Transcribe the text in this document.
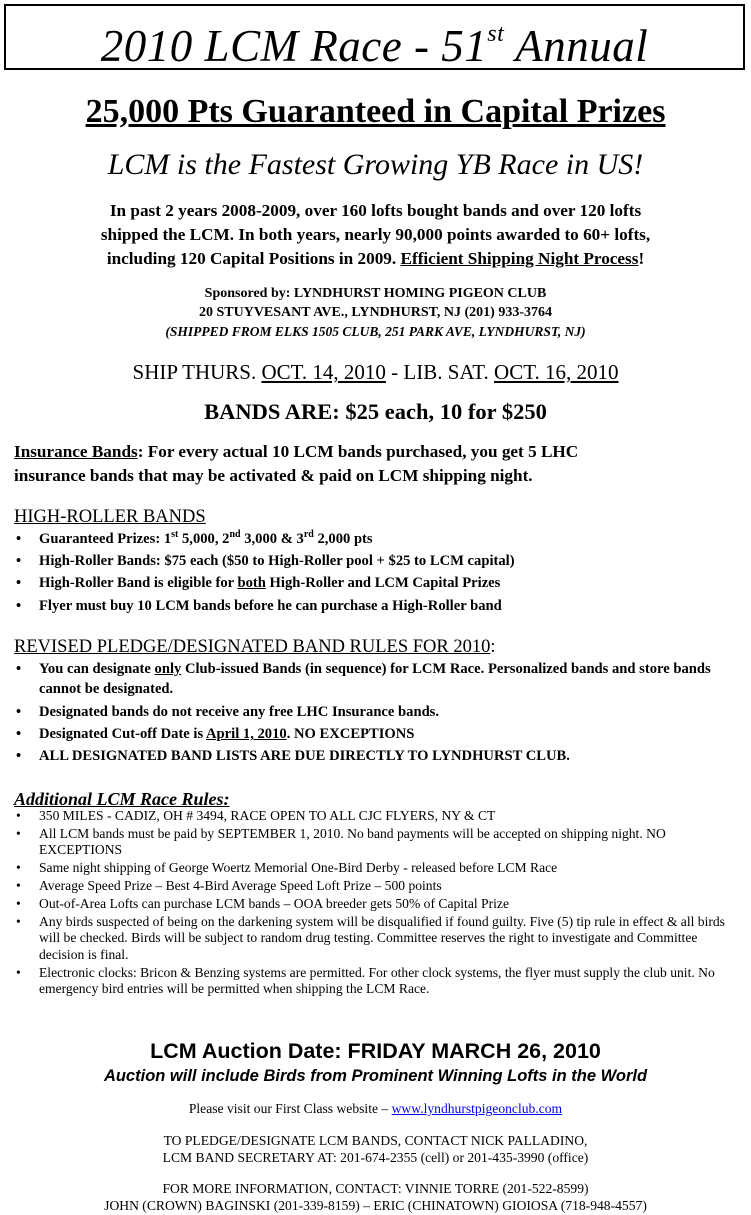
2010 LCM Race - 51st Annual
25,000 Pts Guaranteed in Capital Prizes
LCM is the Fastest Growing YB Race in US!
In past 2 years 2008-2009, over 160 lofts bought bands and over 120 lofts
shipped the LCM. In both years, nearly 90,000 points awarded to 60+ lofts,
including 120 Capital Positions in 2009. Efficient Shipping Night Process!
Sponsored by: LYNDHURST HOMING PIGEON CLUB
20 STUYVESANT AVE., LYNDHURST, NJ (201) 933-3764
(SHIPPED FROM ELKS 1505 CLUB, 251 PARK AVE, LYNDHURST, NJ)
SHIP THURS. OCT. 14, 2010 - LIB. SAT. OCT. 16, 2010
BANDS ARE: $25 each, 10 for $250
Insurance Bands: For every actual 10 LCM bands purchased, you get 5 LHC
insurance bands that may be activated & paid on LCM shipping night.
HIGH-ROLLER BANDS
• Guaranteed Prizes: 1st 5,000, 2nd 3,000 & 3rd 2,000 pts
• High-Roller Bands: $75 each ($50 to High-Roller pool + $25 to LCM capital)
• High-Roller Band is eligible for both High-Roller and LCM Capital Prizes
• Flyer must buy 10 LCM bands before he can purchase a High-Roller band
REVISED PLEDGE/DESIGNATED BAND RULES FOR 2010:
• You can designate only Club-issued Bands (in sequence) for LCM Race. Personalized bands and store bands cannot be designated.
• Designated bands do not receive any free LHC Insurance bands.
• Designated Cut-off Date is April 1, 2010. NO EXCEPTIONS
• ALL DESIGNATED BAND LISTS ARE DUE DIRECTLY TO LYNDHURST CLUB.
Additional LCM Race Rules:
• 350 MILES - CADIZ, OH # 3494, RACE OPEN TO ALL CJC FLYERS, NY & CT
• All LCM bands must be paid by SEPTEMBER 1, 2010. No band payments will be accepted on shipping night. NO EXCEPTIONS
• Same night shipping of George Woertz Memorial One-Bird Derby - released before LCM Race
• Average Speed Prize – Best 4-Bird Average Speed Loft Prize – 500 points
• Out-of-Area Lofts can purchase LCM bands – OOA breeder gets 50% of Capital Prize
• Any birds suspected of being on the darkening system will be disqualified if found guilty. Five (5) tip rule in effect & all birds will be checked. Birds will be subject to random drug testing. Committee reserves the right to investigate and Committee decision is final.
• Electronic clocks: Bricon & Benzing systems are permitted. For other clock systems, the flyer must supply the club unit. No emergency bird entries will be permitted when shipping the LCM Race.
LCM Auction Date: FRIDAY MARCH 26, 2010
Auction will include Birds from Prominent Winning Lofts in the World
Please visit our First Class website – www.lyndhurstpigeonclub.com
TO PLEDGE/DESIGNATE LCM BANDS, CONTACT NICK PALLADINO,
LCM BAND SECRETARY AT: 201-674-2355 (cell) or 201-435-3990 (office)
FOR MORE INFORMATION, CONTACT: VINNIE TORRE (201-522-8599)
JOHN (CROWN) BAGINSKI (201-339-8159) – ERIC (CHINATOWN) GIOIOSA (718-948-4557)
